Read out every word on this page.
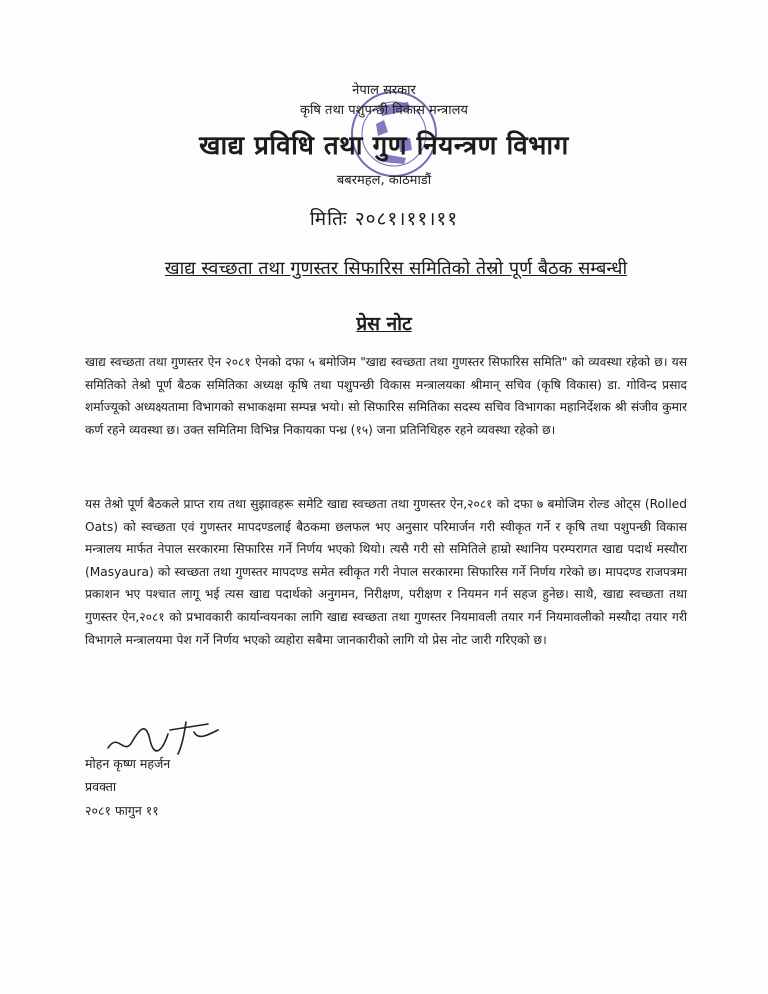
नेपाल सरकार
कृषि तथा पशुपन्छी विकास मन्त्रालय
खाद्य प्रविधि तथा गुण नियन्त्रण विभाग
बबरमहल, काठमाडौं
मितिः २०८१।११।११
खाद्य स्वच्छता तथा गुणस्तर सिफारिस समितिको तेस्रो पूर्ण बैठक सम्बन्धी
प्रेस नोट

खाद्य स्वच्छता तथा गुणस्तर ऐन २०८१ ऐनको दफा ५ बमोजिम "खाद्य स्वच्छता तथा गुणस्तर सिफारिस समिति" को व्यवस्था रहेको छ। यस समितिको तेश्रो पूर्ण बैठक समितिका अध्यक्ष कृषि तथा पशुपन्छी विकास मन्त्रालयका श्रीमान् सचिव (कृषि विकास) डा. गोविन्द प्रसाद शर्माज्यूको अध्यक्ष्यतामा विभागको सभाकक्षमा सम्पन्न भयो। सो सिफारिस समितिका सदस्य सचिव विभागका महानिर्देशक श्री संजीव कुमार कर्ण रहने व्यवस्था छ। उक्त समितिमा विभिन्न निकायका पन्ध्र (१५) जना प्रतिनिधिहरु रहने व्यवस्था रहेको छ।

यस तेश्रो पूर्ण बैठकले प्राप्त राय तथा सुझावहरू समेटि खाद्य स्वच्छता तथा गुणस्तर ऐन,२०८१ को दफा ७ बमोजिम रोल्ड ओट्स (Rolled Oats) को स्वच्छता एवं गुणस्तर मापदण्डलाई बैठकमा छलफल भए अनुसार परिमार्जन गरी स्वीकृत गर्ने र कृषि तथा पशुपन्छी विकास मन्त्रालय मार्फत नेपाल सरकारमा सिफारिस गर्ने निर्णय भएको थियो। त्यसै गरी सो समितिले हाम्रो स्थानिय परम्परागत खाद्य पदार्थ मस्यौरा (Masyaura) को स्वच्छता तथा गुणस्तर मापदण्ड समेत स्वीकृत गरी नेपाल सरकारमा सिफारिस गर्ने निर्णय गरेको छ। मापदण्ड राजपत्रमा प्रकाशन भए पश्चात लागू भई त्यस खाद्य पदार्थको अनुगमन, निरीक्षण, परीक्षण र नियमन गर्न सहज हुनेछ। साथै, खाद्य स्वच्छता तथा गुणस्तर ऐन,२०८१ को प्रभावकारी कार्यान्वयनका लागि खाद्य स्वच्छता तथा गुणस्तर नियमावली तयार गर्न नियमावलीको मस्यौदा तयार गरी विभागले मन्त्रालयमा पेश गर्ने निर्णय भएको व्यहोरा सबैमा जानकारीको लागि यो प्रेस नोट जारी गरिएको छ।

मोहन कृष्ण महर्जन
प्रवक्ता
२०८१ फागुन ११
